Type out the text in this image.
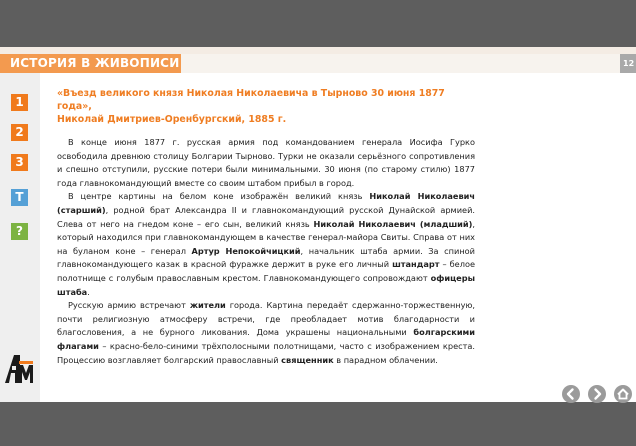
ИСТОРИЯ В ЖИВОПИСИ	12
1
2
3
T
?

«Въезд великого князя Николая Николаевича в Тырново 30 июня 1877 года»,
Николай Дмитриев-Оренбургский, 1885 г.

В конце июня 1877 г. русская армия под командованием генерала Иосифа Гурко освободила древнюю столицу Болгарии Тырново. Турки не оказали серьёзного сопротивления и спешно отступили, русские потери были минимальными. 30 июня (по старому стилю) 1877 года главнокомандующий вместе со своим штабом прибыл в город.

В центре картины на белом коне изображён великий князь Николай Николаевич (старший), родной брат Александра II и главнокомандующий русской Дунайской армией. Слева от него на гнедом коне – его сын, великий князь Николай Николаевич (младший), который находился при главнокомандующем в качестве генерал-майора Свиты. Справа от них на буланом коне – генерал Артур Непокойчицкий, начальник штаба армии. За спиной главнокомандующего казак в красной фуражке держит в руке его личный штандарт – белое полотнище с голубым православным крестом. Главнокомандующего сопровождают офицеры штаба.

Русскую армию встречают жители города. Картина передаёт сдержанно-торжественную, почти религиозную атмосферу встречи, где преобладает мотив благодарности и благословения, а не бурного ликования. Дома украшены национальными болгарскими флагами – красно-бело-синими трёхполосными полотнищами, часто с изображением креста. Процессию возглавляет болгарский православный священник в парадном облачении.
